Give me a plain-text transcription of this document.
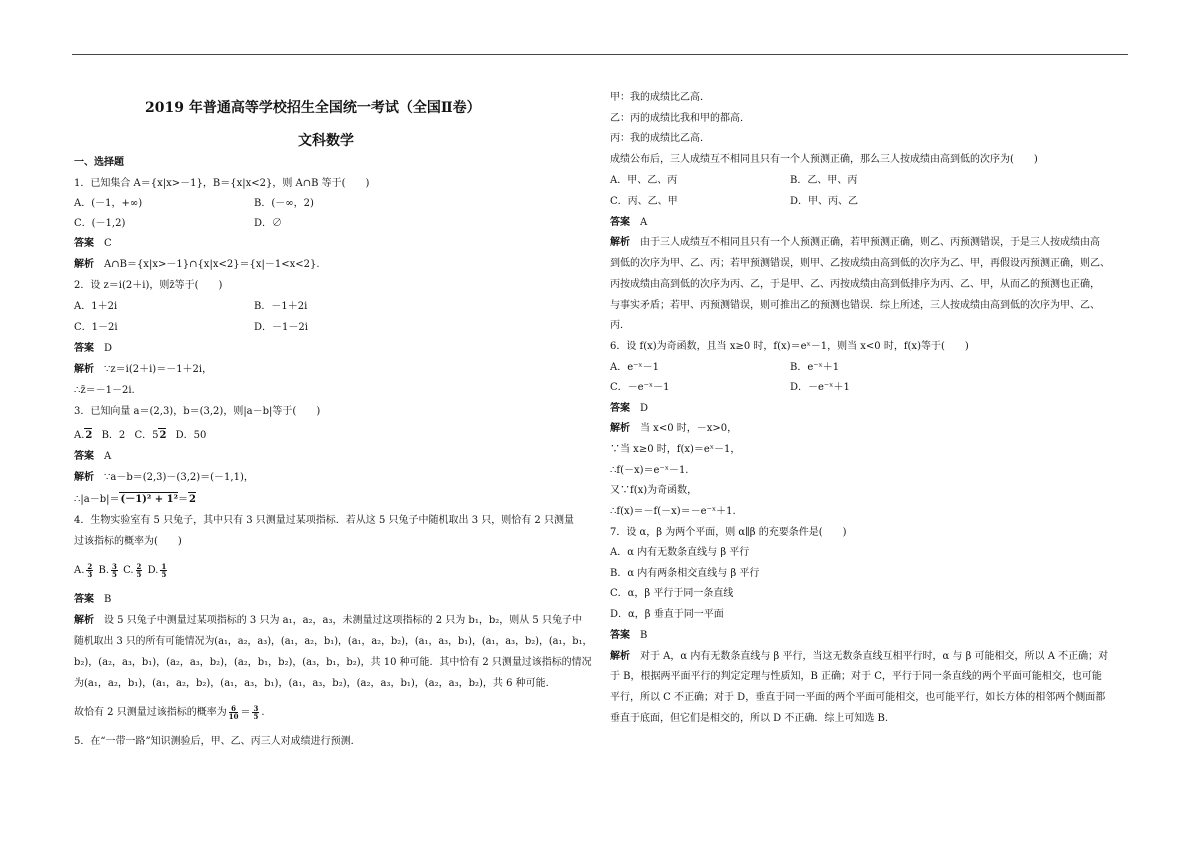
2019 年普通高等学校招生全国统一考试（全国Ⅱ卷）
文科数学
一、选择题
1．已知集合 A＝{x|x>－1}，B＝{x|x<2}，则 A∩B 等于(　　)
A．(－1，+∞)	B．(－∞，2)
C．(－1,2)	D．∅
答案 C
解析 A∩B＝{x|x>－1}∩{x|x<2}＝{x|－1<x<2}.
2．设 z＝i(2＋i)，则z̄等于(　　)
A．1＋2i	B．－1＋2i
C．1－2i	D．－1－2i
答案 D
解析 ∵z＝i(2＋i)＝－1＋2i，
∴z̄＝－1－2i.
3．已知向量 a＝(2,3)，b＝(3,2)，则|a－b|等于(　　)
A.2 B．2 C．52 D．50
答案 A
解析 ∵a－b＝(2,3)－(3,2)＝(－1,1)，
∴|a－b|＝(－1)² + 1²＝2
4．生物实验室有 5 只兔子，其中只有 3 只测量过某项指标．若从这 5 只兔子中随机取出 3 只，则恰有 2 只测量
过该指标的概率为(　　)
A. $\frac{2}{3} B$. $\frac{3}{5} C$. $\frac{2}{5} D$. $\frac{1}{5}$
答案 B
解析 设 5 只兔子中测量过某项指标的 3 只为 a₁，a₂，a₃，未测量过这项指标的 2 只为 b₁，b₂，则从 5 只兔子中
随机取出 3 只的所有可能情况为(a₁，a₂，a₃)，(a₁，a₂，b₁)，(a₁，a₂，b₂)，(a₁，a₃，b₁)，(a₁，a₃，b₂)，(a₁，b₁，
b₂)，(a₂，a₃，b₁)，(a₂，a₃，b₂)，(a₂，b₁，b₂)，(a₃，b₁，b₂)，共 10 种可能．其中恰有 2 只测量过该指标的情况
为(a₁，a₂，b₁)，(a₁，a₂，b₂)，(a₁，a₃，b₁)，(a₁，a₃，b₂)，(a₂，a₃，b₁)，(a₂，a₃，b₂)，共 6 种可能．
故恰有 2 只测量过该指标的概率为 $\frac{6}{10} = \frac{3}{5}$ .
5．在“一带一路”知识测验后，甲、乙、丙三人对成绩进行预测．
甲：我的成绩比乙高．
乙：丙的成绩比我和甲的都高．
丙：我的成绩比乙高．
成绩公布后，三人成绩互不相同且只有一个人预测正确，那么三人按成绩由高到低的次序为(　　)
A．甲、乙、丙	B．乙、甲、丙
C．丙、乙、甲	D．甲、丙、乙
答案 A
解析 由于三人成绩互不相同且只有一个人预测正确，若甲预测正确，则乙、丙预测错误，于是三人按成绩由高
到低的次序为甲、乙、丙；若甲预测错误，则甲、乙按成绩由高到低的次序为乙、甲，再假设丙预测正确，则乙、
丙按成绩由高到低的次序为丙、乙，于是甲、乙、丙按成绩由高到低排序为丙、乙、甲，从而乙的预测也正确，
与事实矛盾；若甲、丙预测错误，则可推出乙的预测也错误．综上所述，三人按成绩由高到低的次序为甲、乙、
丙．
6．设 f(x)为奇函数，且当 x≥0 时，f(x)＝eˣ－1，则当 x<0 时，f(x)等于(　　)
A．e⁻ˣ－1	B．e⁻ˣ＋1
C．－e⁻ˣ－1	D．－e⁻ˣ＋1
答案 D
解析 当 x<0 时，－x>0，
∵当 x≥0 时，f(x)＝eˣ－1，
∴f(－x)＝e⁻ˣ－1.
又∵f(x)为奇函数，
∴f(x)＝－f(－x)＝－e⁻ˣ＋1.
7．设 α，β 为两个平面，则 α∥β 的充要条件是(　　)
A．α 内有无数条直线与 β 平行
B．α 内有两条相交直线与 β 平行
C．α，β 平行于同一条直线
D．α，β 垂直于同一平面
答案 B
解析 对于 A，α 内有无数条直线与 β 平行，当这无数条直线互相平行时，α 与 β 可能相交，所以 A 不正确；对
于 B，根据两平面平行的判定定理与性质知，B 正确；对于 C，平行于同一条直线的两个平面可能相交，也可能
平行，所以 C 不正确；对于 D，垂直于同一平面的两个平面可能相交，也可能平行，如长方体的相邻两个侧面都
垂直于底面，但它们是相交的，所以 D 不正确．综上可知选 B.
